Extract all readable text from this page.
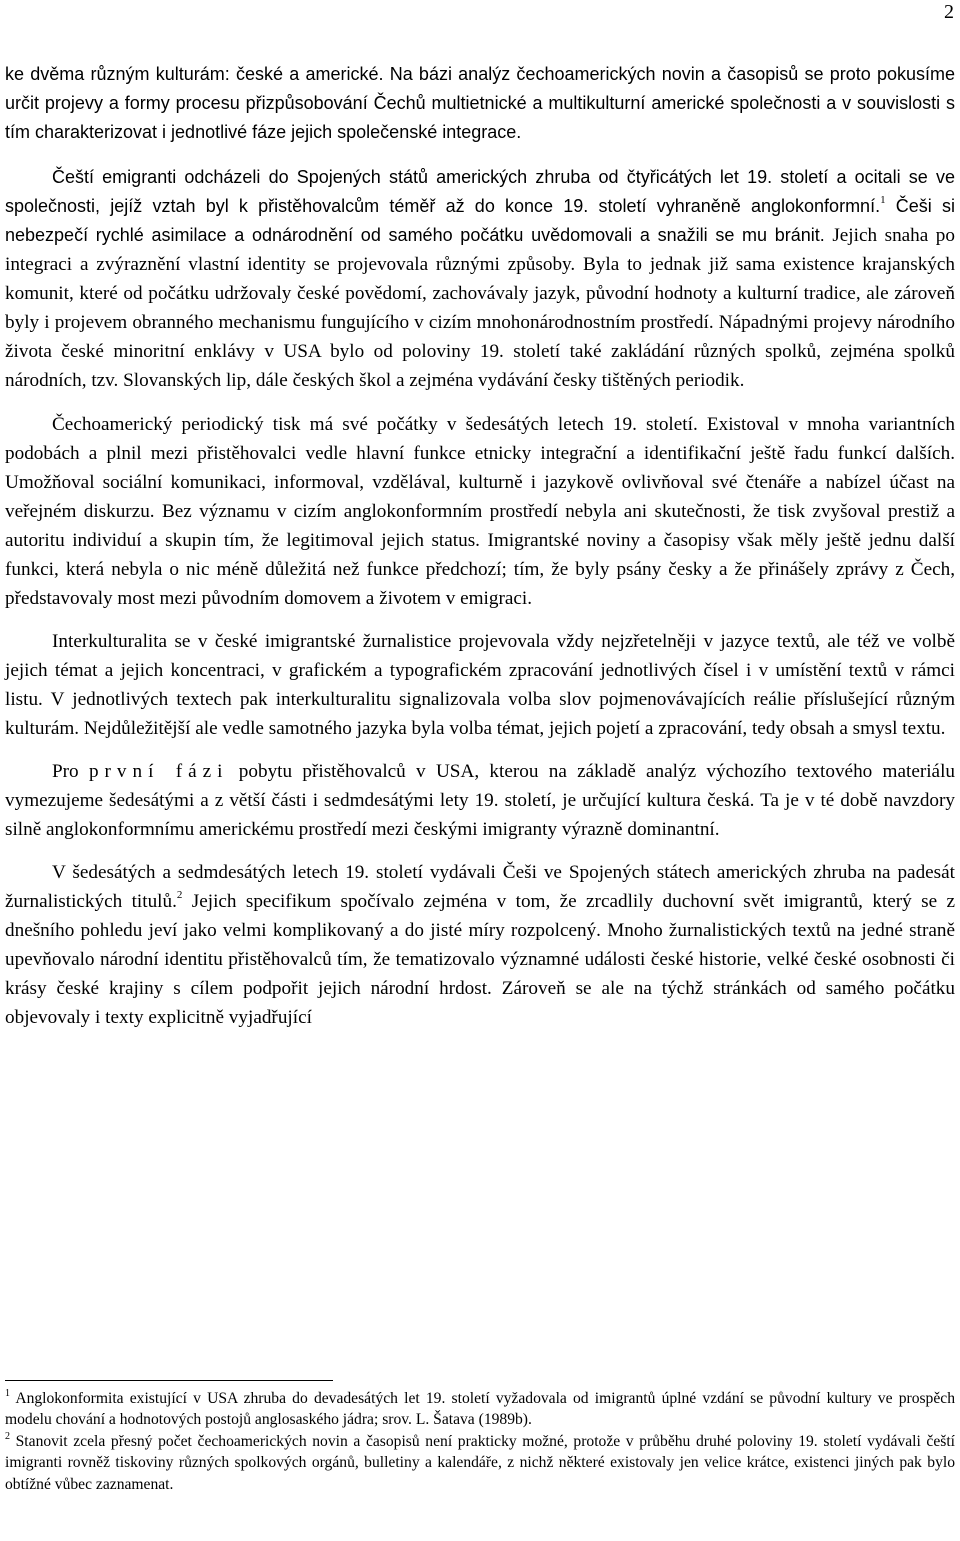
2

ke dvěma různým kulturám: české a americké. Na bázi analýz čechoamerických novin a časopisů se proto pokusíme určit projevy a formy procesu přizpůsobování Čechů multietnické a multikulturní americké společnosti a v souvislosti s tím charakterizovat i jednotlivé fáze jejich společenské integrace.

Čeští emigranti odcházeli do Spojených států amerických zhruba od čtyřicátých let 19. století a ocitali se ve společnosti, jejíž vztah byl k přistěhovalcům téměř až do konce 19. století vyhraněně anglokonformní.$^1$ Češi si nebezpečí rychlé asimilace a odnárodnění od samého počátku uvědomovali a snažili se mu bránit. Jejich snaha po integraci a zvýraznění vlastní identity se projevovala různými způsoby. Byla to jednak již sama existence krajanských komunit, které od počátku udržovaly české povědomí, zachovávaly jazyk, původní hodnoty a kulturní tradice, ale zároveň byly i projevem obranného mechanismu fungujícího v cizím mnohonárodnostním prostředí. Nápadnými projevy národního života české minoritní enklávy v USA bylo od poloviny 19. století také zakládání různých spolků, zejména spolků národních, tzv. Slovanských lip, dále českých škol a zejména vydávání česky tištěných periodik.

Čechoamerický periodický tisk má své počátky v šedesátých letech 19. století. Existoval v mnoha variantních podobách a plnil mezi přistěhovalci vedle hlavní funkce etnicky integrační a identifikační ještě řadu funkcí dalších. Umožňoval sociální komunikaci, informoval, vzdělával, kulturně i jazykově ovlivňoval své čtenáře a nabízel účast na veřejném diskurzu. Bez významu v cizím anglokonformním prostředí nebyla ani skutečnosti, že tisk zvyšoval prestiž a autoritu individuí a skupin tím, že legitimoval jejich status. Imigrantské noviny a časopisy však měly ještě jednu další funkci, která nebyla o nic méně důležitá než funkce předchozí; tím, že byly psány česky a že přinášely zprávy z Čech, představovaly most mezi původním domovem a životem v emigraci.

Interkulturalita se v české imigrantské žurnalistice projevovala vždy nejzřetelněji v jazyce textů, ale též ve volbě jejich témat a jejich koncentraci, v grafickém a typografickém zpracování jednotlivých čísel i v umístění textů v rámci listu. V jednotlivých textech pak interkulturalitu signalizovala volba slov pojmenovávajících reálie příslušející různým kulturám. Nejdůležitější ale vedle samotného jazyka byla volba témat, jejich pojetí a zpracování, tedy obsah a smysl textu.

Pro první fázi pobytu přistěhovalců v USA, kterou na základě analýz výchozího textového materiálu vymezujeme šedesátými a z větší části i sedmdesátými lety 19. století, je určující kultura česká. Ta je v té době navzdory silně anglokonformnímu americkému prostředí mezi českými imigranty výrazně dominantní.

V šedesátých a sedmdesátých letech 19. století vydávali Češi ve Spojených státech amerických zhruba na padesát žurnalistických titulů.$^2$ Jejich specifikum spočívalo zejména v tom, že zrcadlily duchovní svět imigrantů, který se z dnešního pohledu jeví jako velmi komplikovaný a do jisté míry rozpolcený. Mnoho žurnalistických textů na jedné straně upevňovalo národní identitu přistěhovalců tím, že tematizovalo významné události české historie, velké české osobnosti či krásy české krajiny s cílem podpořit jejich národní hrdost. Zároveň se ale na týchž stránkách od samého počátku objevovaly i texty explicitně vyjadřující

$^1$ Anglokonformita existující v USA zhruba do devadesátých let 19. století vyžadovala od imigrantů úplné vzdání se původní kultury ve prospěch modelu chování a hodnotových postojů anglosaského jádra; srov. L. Šatava (1989b).

$^2$ Stanovit zcela přesný počet čechoamerických novin a časopisů není prakticky možné, protože v průběhu druhé poloviny 19. století vydávali čeští imigranti rovněž tiskoviny různých spolkových orgánů, bulletiny a kalendáře, z nichž některé existovaly jen velice krátce, existenci jiných pak bylo obtížné vůbec zaznamenat.
